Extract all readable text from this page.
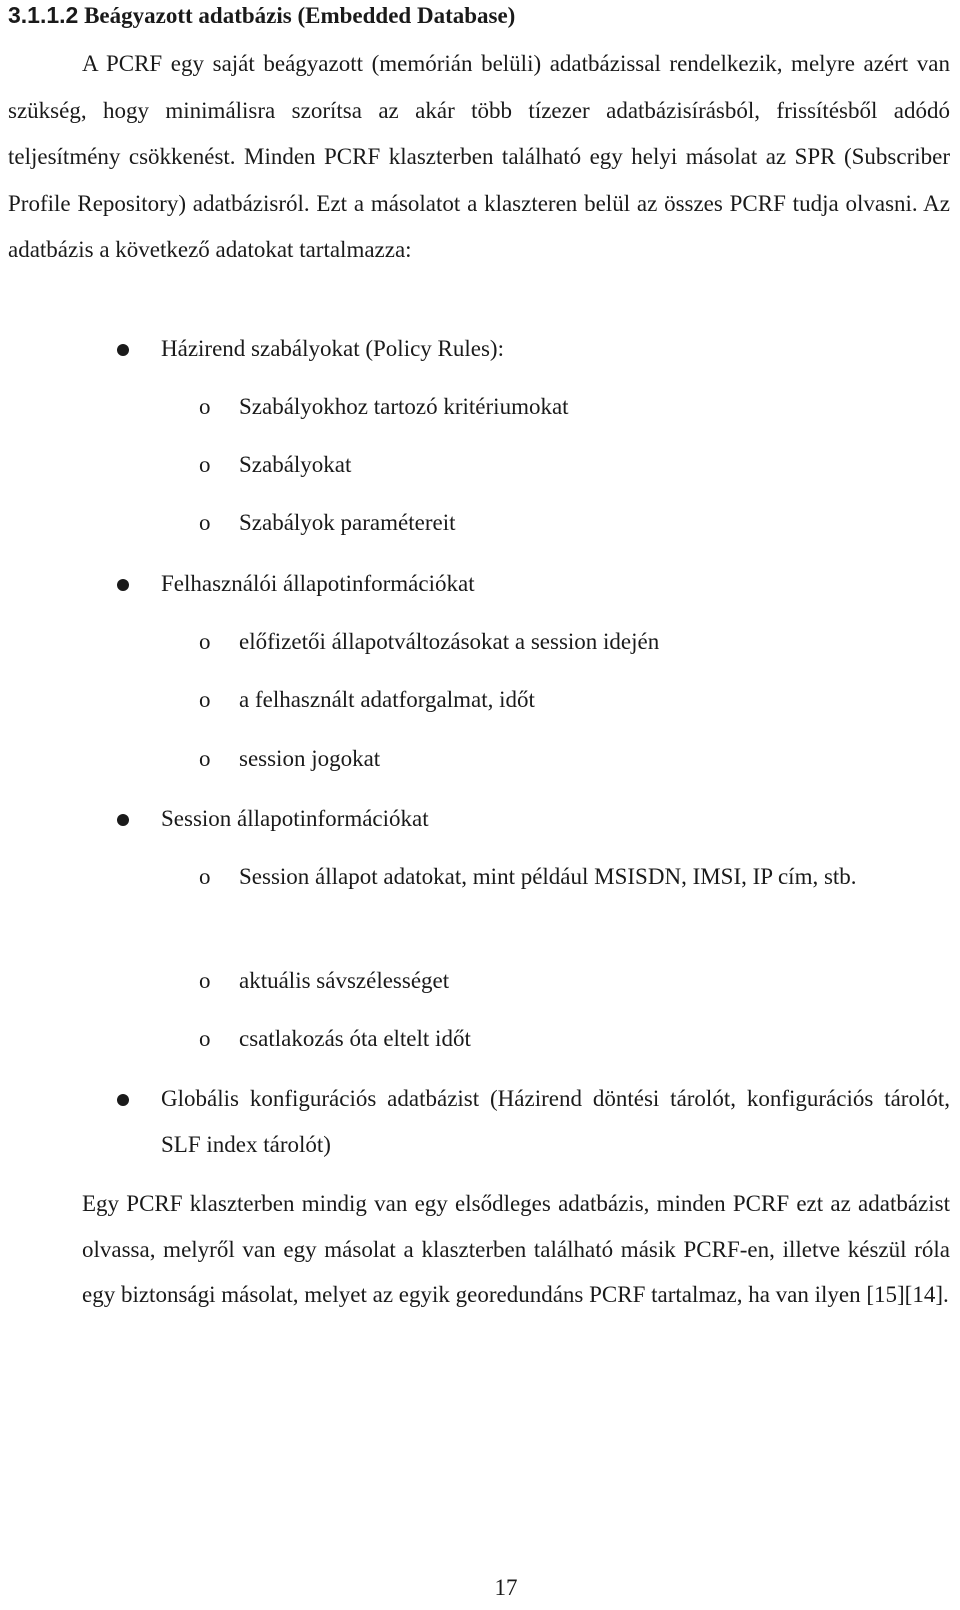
3.1.1.2 Beágyazott adatbázis (Embedded Database)

A PCRF egy saját beágyazott (memórián belüli) adatbázissal rendelkezik, melyre azért van szükség, hogy minimálisra szorítsa az akár több tízezer adatbázisírásból, frissítésből adódó teljesítmény csökkenést. Minden PCRF klaszterben található egy helyi másolat az SPR (Subscriber Profile Repository) adatbázisról. Ezt a másolatot a klaszteren belül az összes PCRF tudja olvasni. Az adatbázis a következő adatokat tartalmazza:

Házirend szabályokat (Policy Rules):
o Szabályokhoz tartozó kritériumokat
o Szabályokat
o Szabályok paramétereit
Felhasználói állapotinformációkat
o előfizetői állapotváltozásokat a session idején
o a felhasznált adatforgalmat, időt
o session jogokat
Session állapotinformációkat
o Session állapot adatokat, mint például MSISDN, IMSI, IP cím, stb.
o aktuális sávszélességet
o csatlakozás óta eltelt időt
Globális konfigurációs adatbázist (Házirend döntési tárolót, konfigurációs tárolót, SLF index tárolót)

Egy PCRF klaszterben mindig van egy elsődleges adatbázis, minden PCRF ezt az adatbázist olvassa, melyről van egy másolat a klaszterben található másik PCRF-en, illetve készül róla egy biztonsági másolat, melyet az egyik georedundáns PCRF tartalmaz, ha van ilyen [15][14].

17
